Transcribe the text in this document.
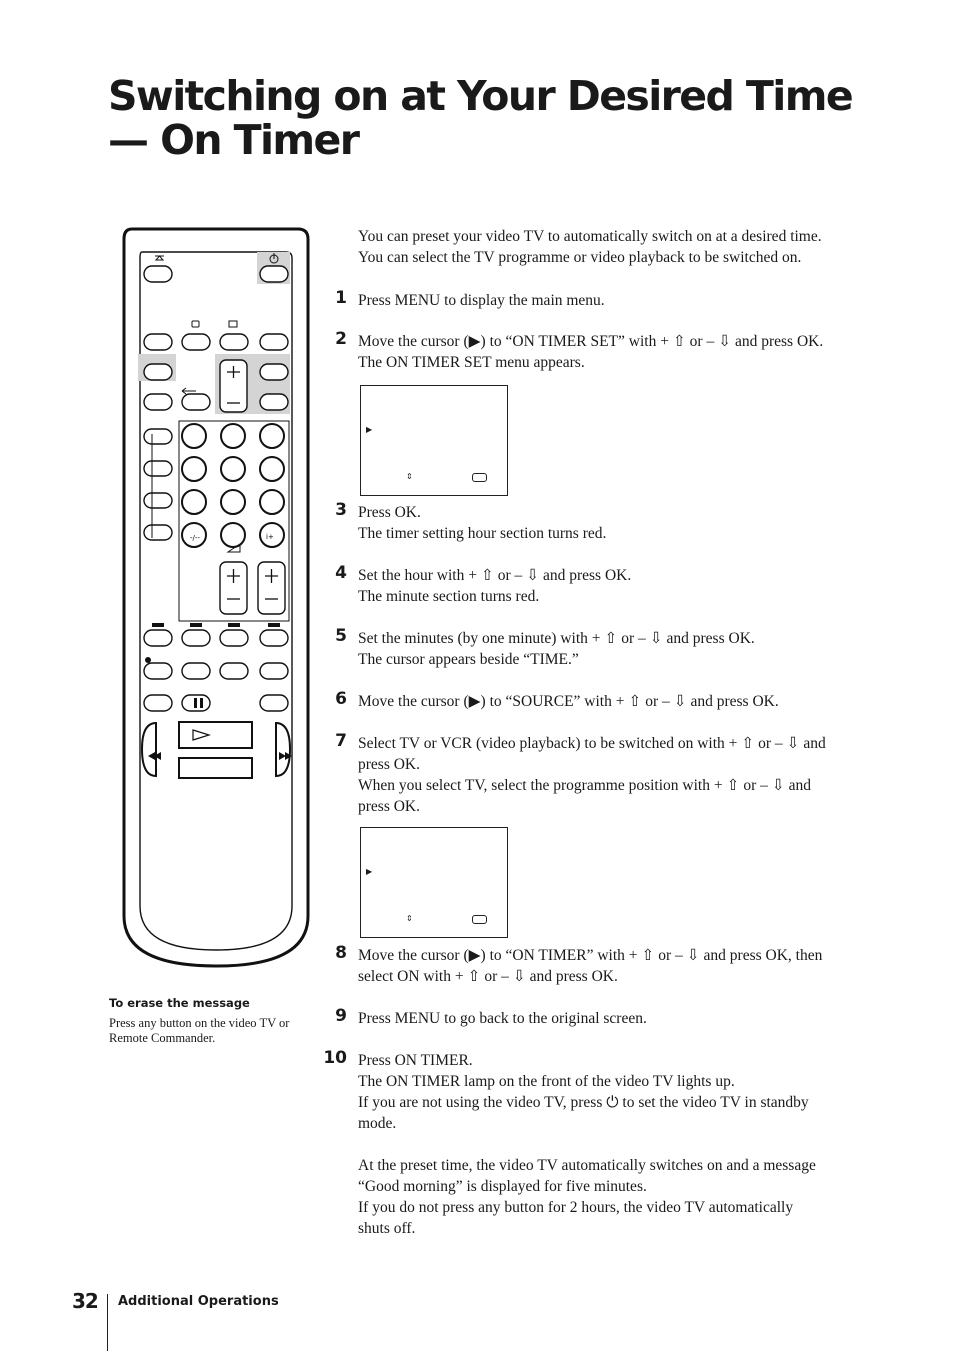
Switching on at Your Desired Time
— On Timer
-/--	i+

You can preset your video TV to automatically switch on at a desired time.

You can select the TV programme or video playback to be switched on.

1 Press MENU to display the main menu.
2 Move the cursor (▶) to “ON TIMER SET” with + ⇧ or – ⇩ and press OK.
The ON TIMER SET menu appears.
▶
⇕
3 Press OK.
The timer setting hour section turns red.
4 Set the hour with + ⇧ or – ⇩ and press OK.
The minute section turns red.
5 Set the minutes (by one minute) with + ⇧ or – ⇩ and press OK.
The cursor appears beside “TIME.”
6 Move the cursor (▶) to “SOURCE” with + ⇧ or – ⇩ and press OK.
7 Select TV or VCR (video playback) to be switched on with + ⇧ or – ⇩ and
press OK.
When you select TV, select the programme position with + ⇧ or – ⇩ and
press OK.
▶
⇕
8 Move the cursor (▶) to “ON TIMER” with + ⇧ or – ⇩ and press OK, then
select ON with + ⇧ or – ⇩ and press OK.
9 Press MENU to go back to the original screen.
10 Press ON TIMER.
The ON TIMER lamp on the front of the video TV lights up.
If you are not using the video TV, press ⏻ to set the video TV in standby
mode.
At the preset time, the video TV automatically switches on and a message
“Good morning” is displayed for five minutes.
If you do not press any button for 2 hours, the video TV automatically
shuts off.
To erase the message
Press any button on the video TV or
Remote Commander.
32 Additional Operations
